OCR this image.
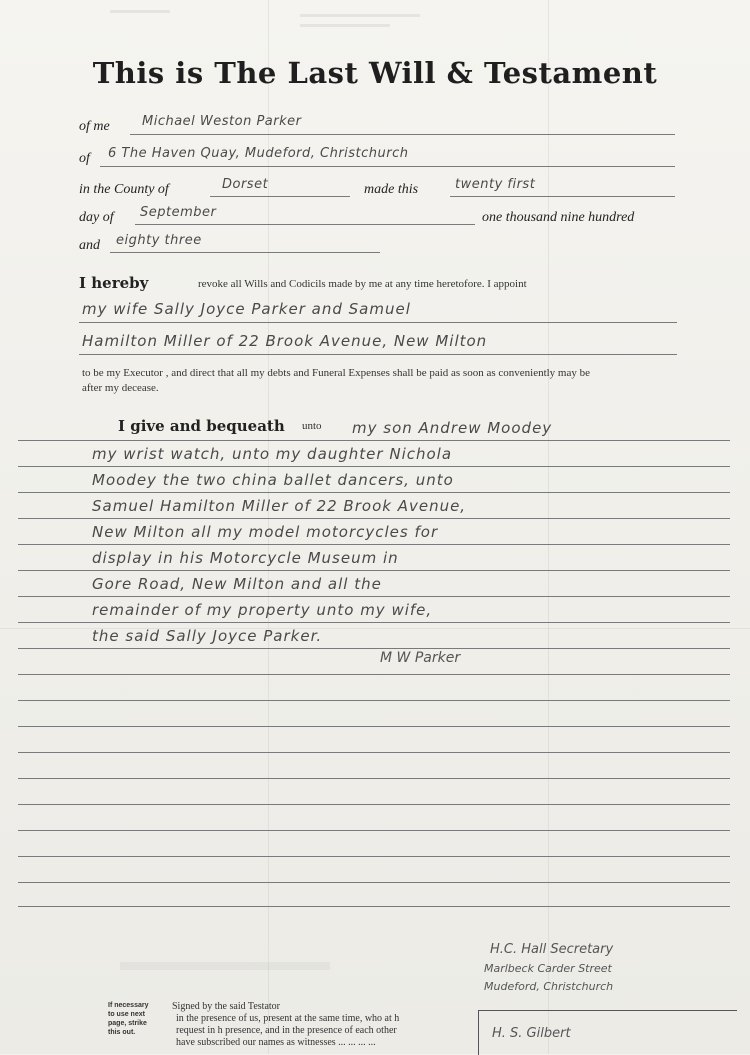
This is The Last Will & Testament
of me Michael Weston Parker
of 6 The Haven Quay, Mudeford, Christchurch
in the County of	Dorset	made this	twenty first
day of September	one thousand nine hundred
and eighty three
I hereby	revoke all Wills and Codicils made by me at any time heretofore. I appoint
my wife Sally Joyce Parker and Samuel
Hamilton Miller of 22 Brook Avenue, New Milton
to be my Executor , and direct that all my debts and Funeral Expenses shall be paid as soon as conveniently may be
after my decease.
I give and bequeath unto my son Andrew Moodey
my wrist watch, unto my daughter Nichola
Moodey the two china ballet dancers, unto
Samuel Hamilton Miller of 22 Brook Avenue,
New Milton all my model motorcycles for
display in his Motorcycle Museum in
Gore Road, New Milton and all the
remainder of my property unto my wife,
the said Sally Joyce Parker.
M W Parker
H.C. Hall Secretary
Marlbeck Carder Street
Mudeford, Christchurch
H. S. Gilbert
If necessary
to use next
page, strike
this out.
Signed by the said Testator
in the presence of us, present at the same time, who at h
request in h presence, and in the presence of each other
have subscribed our names as witnesses ... ... ... ...
